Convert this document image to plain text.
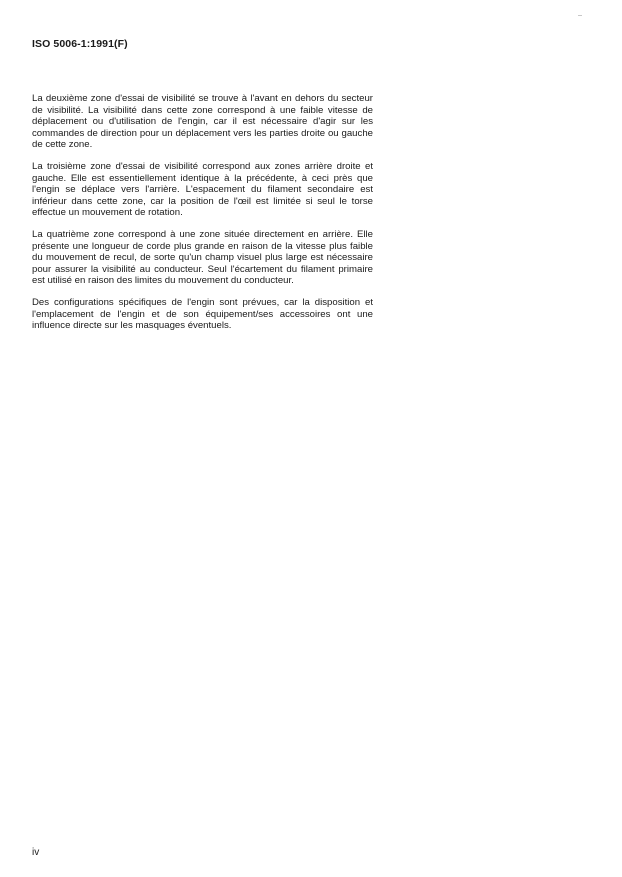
ISO 5006-1:1991(F)

La deuxième zone d'essai de visibilité se trouve à l'avant en dehors du secteur de visibilité. La visibilité dans cette zone correspond à une faible vitesse de déplacement ou d'utilisation de l'engin, car il est nécessaire d'agir sur les commandes de direction pour un déplacement vers les parties droite ou gauche de cette zone.

La troisième zone d'essai de visibilité correspond aux zones arrière droite et gauche. Elle est essentiellement identique à la précédente, à ceci près que l'engin se déplace vers l'arrière. L'espacement du filament secondaire est inférieur dans cette zone, car la position de l'œil est limitée si seul le torse effectue un mouvement de rotation.

La quatrième zone correspond à une zone située directement en arrière. Elle présente une longueur de corde plus grande en raison de la vitesse plus faible du mouvement de recul, de sorte qu'un champ visuel plus large est nécessaire pour assurer la visibilité au conducteur. Seul l'écartement du filament primaire est utilisé en raison des limites du mouvement du conducteur.

Des configurations spécifiques de l'engin sont prévues, car la disposition et l'emplacement de l'engin et de son équipement/ses accessoires ont une influence directe sur les masquages éventuels.

iv
